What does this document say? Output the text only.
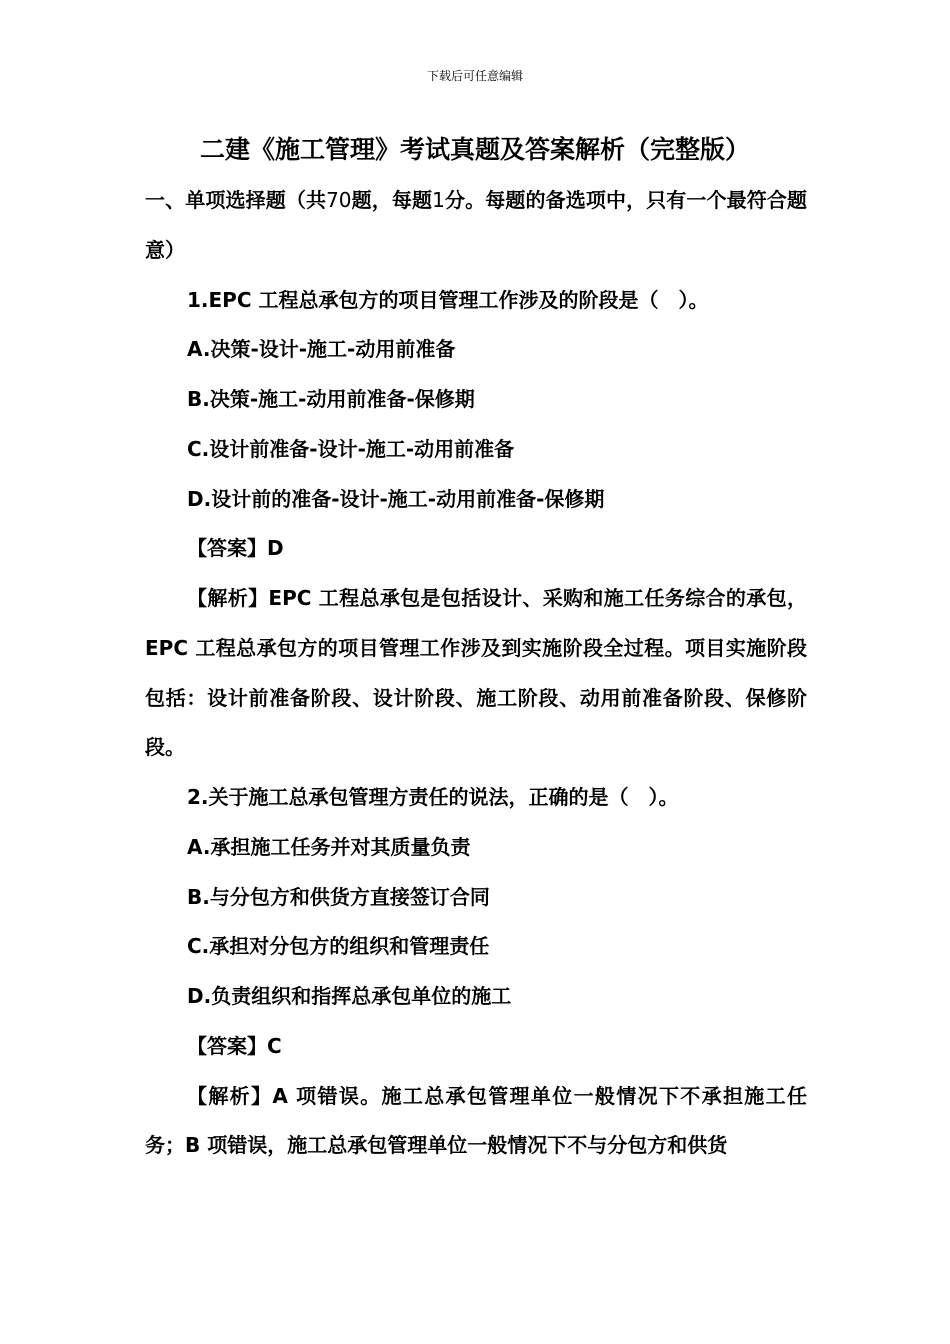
下载后可任意编辑
二建《施工管理》考试真题及答案解析（完整版）

一、单项选择题（共70题，每题1分。每题的备选项中，只有一个最符合题意）

1.EPC 工程总承包方的项目管理工作涉及的阶段是（　）。

A.决策-设计-施工-动用前准备

B.决策-施工-动用前准备-保修期

C.设计前准备-设计-施工-动用前准备

D.设计前的准备-设计-施工-动用前准备-保修期

【答案】D

【解析】EPC 工程总承包是包括设计、采购和施工任务综合的承包，EPC 工程总承包方的项目管理工作涉及到实施阶段全过程。项目实施阶段包括：设计前准备阶段、设计阶段、施工阶段、动用前准备阶段、保修阶段。

2.关于施工总承包管理方责任的说法，正确的是（　）。

A.承担施工任务并对其质量负责

B.与分包方和供货方直接签订合同

C.承担对分包方的组织和管理责任

D.负责组织和指挥总承包单位的施工

【答案】C

【解析】A 项错误。施工总承包管理单位一般情况下不承担施工任务；B 项错误，施工总承包管理单位一般情况下不与分包方和供货
